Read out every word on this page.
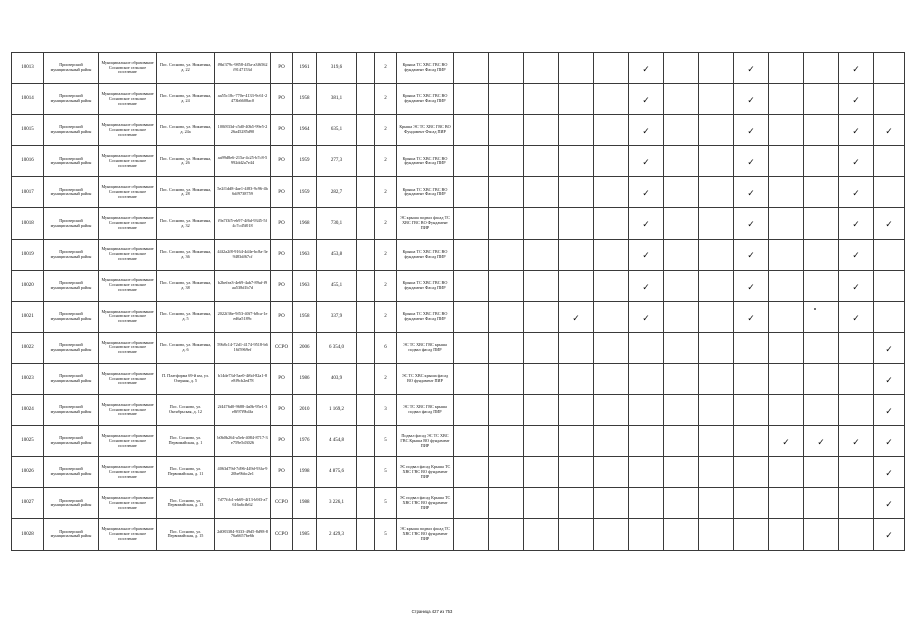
10013	Приозерский муниципальный район	Муниципальное образование Сосновское сельское поселение	Пос. Сосново, ул. Никитина, д. 22	f9bf379c-9858-4f5a-a3f6562f9147153d	РО	1961	319,6		2	Крыша ТС ХВС ГВС ВО фундамент Фасад ПИР						✓			✓			✓	
10014	Приозерский муниципальный район	Муниципальное образование Сосновское сельское поселение	Пос. Сосново, ул. Никитина, д. 24	aa55c18c-770e-4133-9c61-2473b6608ac0	РО	1958	381,1		2	Крыша ТС ХВС ГВС ВО фундамент Фасад ПИР						✓			✓			✓	
10015	Приозерский муниципальный район	Муниципальное образование Сосновское сельское поселение	Пос. Сосново, ул. Никитина, д. 24а	100f833d-c5d0-40b5-99e5-226a45285d90	РО	1964	635,1		2	Крыша ЭС ТС ХВС ГВС ВО Фундамент Фасад ПИР						✓			✓			✓	✓
10016	Приозерский муниципальный район	Муниципальное образование Сосновское сельское поселение	Пос. Сосново, ул. Никитина, д. 26	aa99d8e6-215a-4c25-b7c8-5992dd2a7e44	РО	1959	277,3		2	Крыша ТС ХВС ГВС ВО фундамент Фасад ПИР						✓			✓			✓	
10017	Приозерский муниципальный район	Муниципальное образование Сосновское сельское поселение	Пос. Сосново, ул. Никитина, д. 28	5e2f1dd8-4ae1-4f83-9c96-4b6df9738759	РО	1959	282,7		2	Крыша ТС ХВС ГВС ВО фундамент Фасад ПИР						✓			✓			✓	
10018	Приозерский муниципальный район	Муниципальное образование Сосновское сельское поселение	Пос. Сосново, ул. Никитина, д. 32	f9a7f3f5-eb97-4f6d-9345-5f4c7cd5f018	РО	1968	730,1		2	ЭС крыша подвал фасад ТС ХВС ГВС ВО Фундамент ПИР						✓			✓			✓	✓
10019	Приозерский муниципальный район	Муниципальное образование Сосновское сельское поселение	Пос. Сосново, ул. Никитина, д. 36	44f2a2f8-9164-4d4e-bc8a-3e9483df67cf	РО	1963	453,8		2	Крыша ТС ХВС ГВС ВО фундамент Фасад ПИР						✓			✓			✓	
10020	Приозерский муниципальный район	Муниципальное образование Сосновское сельское поселение	Пос. Сосново, ул. Никитина, д. 38	b2befea3-4e69-4ab7-89af-f9aa538d1b7d	РО	1963	455,1		2	Крыша ТС ХВС ГВС ВО фундамент Фасад ПИР						✓			✓			✓	
10021	Приозерский муниципальный район	Муниципальное образование Сосновское сельское поселение	Пос. Сосново, ул. Никитина, д. 5	2022f36e-9f53-40f7-b8ca-1eed6a5189c	РО	1958	337,9		2	Крыша ТС ХВС ГВС ВО фундамент Фасад ПИР				✓		✓			✓			✓	
10022	Приозерский муниципальный район	Муниципальное образование Сосновское сельское поселение	Пос. Сосново, ул. Никитина, д. 6	59b8c14-72d1-4174-9518-b616f5969ef	ССРО	2006	6 354,0		6	ЭС ТС ХВС ГВС крыша подвал фасад ПИР													✓
10023	Приозерский муниципальный район	Муниципальное образование Сосновское сельское поселение	П. Платформа 69-й км, ул. Озерная, д. 5	b14de73d-5ae0-4f6d-82a1-8e8f9cb2ed78	РО	1986	403,9		2	ЭС ТС ХВС крыша фасад ВО фундамент ПИР													✓
10024	Приозерский муниципальный район	Муниципальное образование Сосновское сельское поселение	Пос. Сосново, ул. Октябрьская, д. 12	2f4476d0-9688-4a0b-95e1-3e8f97f9b4fa	РО	2010	1 169,2		3	ЭС ТС ХВС ГВС крыша подвал фасад ПИР													✓
10025	Приозерский муниципальный район	Муниципальное образование Сосновское сельское поселение	Пос. Сосново, ул. Первомайская, д. 1	b0b0b264-a5eb-4084-8717-3e759e5d3026	РО	1976	4 454,8		5	Подвал фасад ЭС ТС ХВС ГВС Крыша ВО фундамент ПИР										✓	✓	✓	✓
10026	Приозерский муниципальный район	Муниципальное образование Сосновское сельское поселение	Пос. Сосново, ул. Первомайская, д. 11	4063d79d-7d96-449d-93fa-920be9bbc2e1	РО	1998	4 875,6		5	ЭС подвал фасад Крыша ТС ХВС ГВС ВО фундамент ПИР													✓
10027	Приозерский муниципальный район	Муниципальное образование Сосновское сельское поселение	Пос. Сосново, ул. Первомайская, д. 13	7d77fcb1-eb69-4f13-b9f3-a7616a6cfb62	ССРО	1988	3 226,1		5	ЭС подвал фасад Крыша ТС ХВС ГВС ВО фундамент ПИР													✓
10028	Приозерский муниципальный район	Муниципальное образование Сосновское сельское поселение	Пос. Сосново, ул. Первомайская, д. 15	2d083384-9333-49d5-8d98-876a6657be6b	ССРО	1985	2 429,3		5	ЭС крыша подвал фасад ТС ХВС ГВС ВО фундамент ПИР													✓
Страница 427 из 753
